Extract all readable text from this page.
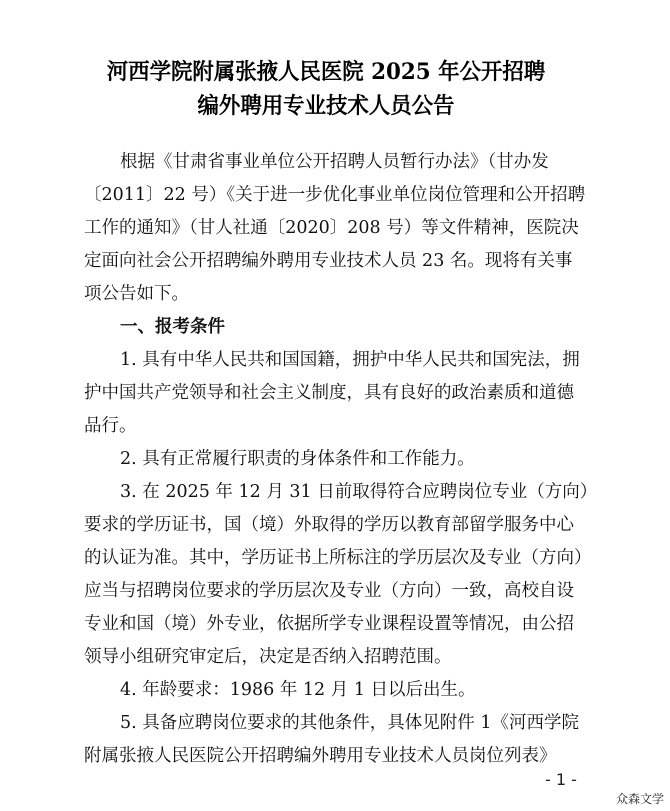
河西学院附属张掖人民医院 2025 年公开招聘
编外聘用专业技术人员公告
根据《甘肃省事业单位公开招聘人员暂行办法》（甘办发
〔2011〕22 号）《关于进一步优化事业单位岗位管理和公开招聘
工作的通知》（甘人社通〔2020〕208 号）等文件精神，医院决
定面向社会公开招聘编外聘用专业技术人员 23 名。现将有关事
项公告如下。
一、报考条件
1. 具有中华人民共和国国籍，拥护中华人民共和国宪法，拥
护中国共产党领导和社会主义制度，具有良好的政治素质和道德
品行。
2. 具有正常履行职责的身体条件和工作能力。
3. 在 2025 年 12 月 31 日前取得符合应聘岗位专业（方向）
要求的学历证书，国（境）外取得的学历以教育部留学服务中心
的认证为准。其中，学历证书上所标注的学历层次及专业（方向）
应当与招聘岗位要求的学历层次及专业（方向）一致，高校自设
专业和国（境）外专业，依据所学专业课程设置等情况，由公招
领导小组研究审定后，决定是否纳入招聘范围。
4. 年龄要求：1986 年 12 月 1 日以后出生。
5. 具备应聘岗位要求的其他条件，具体见附件 1《河西学院
附属张掖人民医院公开招聘编外聘用专业技术人员岗位列表》
- 1 -
众森文学
